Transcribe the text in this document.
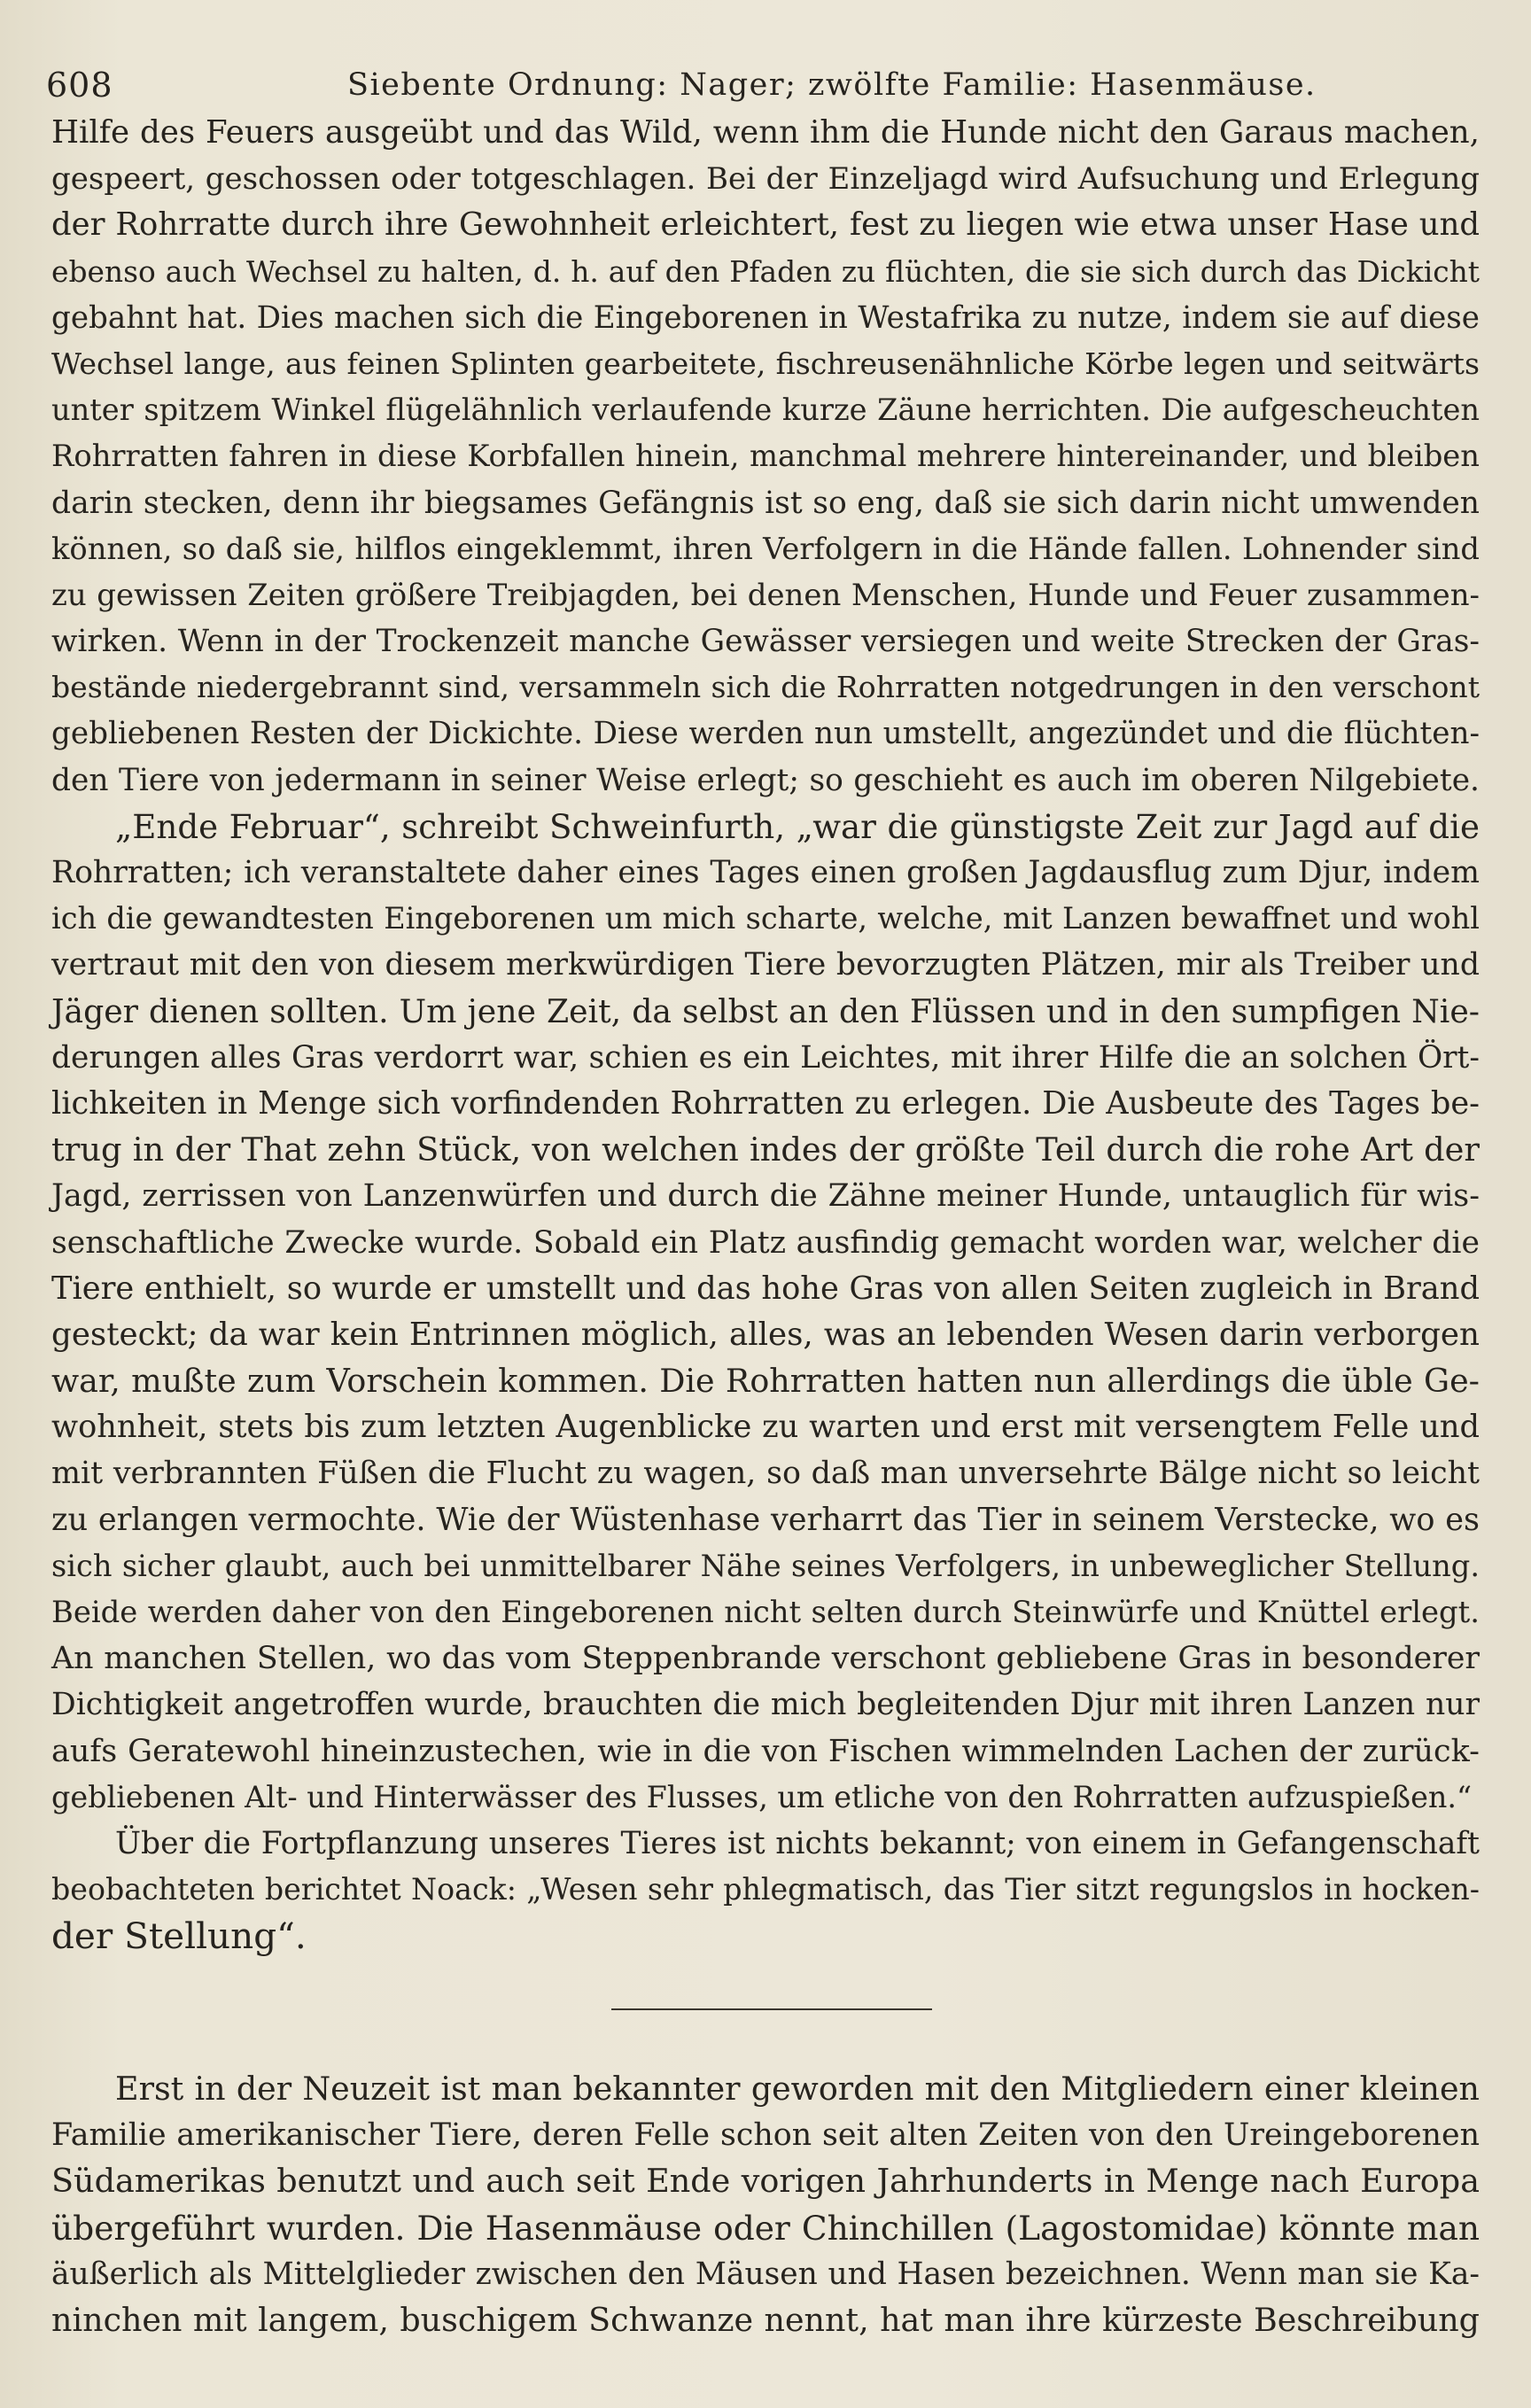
608	Siebente Ordnung: Nager; zwölfte Familie: Hasenmäuse.
Hilfe des Feuers ausgeübt und das Wild, wenn ihm die Hunde nicht den Garaus machen,
gespeert, geschossen oder totgeschlagen. Bei der Einzeljagd wird Aufsuchung und Erlegung
der Rohrratte durch ihre Gewohnheit erleichtert, fest zu liegen wie etwa unser Hase und
ebenso auch Wechsel zu halten, d. h. auf den Pfaden zu flüchten, die sie sich durch das Dickicht
gebahnt hat. Dies machen sich die Eingeborenen in Westafrika zu nutze, indem sie auf diese
Wechsel lange, aus feinen Splinten gearbeitete, fischreusenähnliche Körbe legen und seitwärts
unter spitzem Winkel flügelähnlich verlaufende kurze Zäune herrichten. Die aufgescheuchten
Rohrratten fahren in diese Korbfallen hinein, manchmal mehrere hintereinander, und bleiben
darin stecken, denn ihr biegsames Gefängnis ist so eng, daß sie sich darin nicht umwenden
können, so daß sie, hilflos eingeklemmt, ihren Verfolgern in die Hände fallen. Lohnender sind
zu gewissen Zeiten größere Treibjagden, bei denen Menschen, Hunde und Feuer zusammen-
wirken. Wenn in der Trockenzeit manche Gewässer versiegen und weite Strecken der Gras-
bestände niedergebrannt sind, versammeln sich die Rohrratten notgedrungen in den verschont
gebliebenen Resten der Dickichte. Diese werden nun umstellt, angezündet und die flüchten-
den Tiere von jedermann in seiner Weise erlegt; so geschieht es auch im oberen Nilgebiete.
„Ende Februar“, schreibt Schweinfurth, „war die günstigste Zeit zur Jagd auf die
Rohrratten; ich veranstaltete daher eines Tages einen großen Jagdausflug zum Djur, indem
ich die gewandtesten Eingeborenen um mich scharte, welche, mit Lanzen bewaffnet und wohl
vertraut mit den von diesem merkwürdigen Tiere bevorzugten Plätzen, mir als Treiber und
Jäger dienen sollten. Um jene Zeit, da selbst an den Flüssen und in den sumpfigen Nie-
derungen alles Gras verdorrt war, schien es ein Leichtes, mit ihrer Hilfe die an solchen Ört-
lichkeiten in Menge sich vorfindenden Rohrratten zu erlegen. Die Ausbeute des Tages be-
trug in der That zehn Stück, von welchen indes der größte Teil durch die rohe Art der
Jagd, zerrissen von Lanzenwürfen und durch die Zähne meiner Hunde, untauglich für wis-
senschaftliche Zwecke wurde. Sobald ein Platz ausfindig gemacht worden war, welcher die
Tiere enthielt, so wurde er umstellt und das hohe Gras von allen Seiten zugleich in Brand
gesteckt; da war kein Entrinnen möglich, alles, was an lebenden Wesen darin verborgen
war, mußte zum Vorschein kommen. Die Rohrratten hatten nun allerdings die üble Ge-
wohnheit, stets bis zum letzten Augenblicke zu warten und erst mit versengtem Felle und
mit verbrannten Füßen die Flucht zu wagen, so daß man unversehrte Bälge nicht so leicht
zu erlangen vermochte. Wie der Wüstenhase verharrt das Tier in seinem Verstecke, wo es
sich sicher glaubt, auch bei unmittelbarer Nähe seines Verfolgers, in unbeweglicher Stellung.
Beide werden daher von den Eingeborenen nicht selten durch Steinwürfe und Knüttel erlegt.
An manchen Stellen, wo das vom Steppenbrande verschont gebliebene Gras in besonderer
Dichtigkeit angetroffen wurde, brauchten die mich begleitenden Djur mit ihren Lanzen nur
aufs Geratewohl hineinzustechen, wie in die von Fischen wimmelnden Lachen der zurück-
gebliebenen Alt- und Hinterwässer des Flusses, um etliche von den Rohrratten aufzuspießen.“
Über die Fortpflanzung unseres Tieres ist nichts bekannt; von einem in Gefangenschaft
beobachteten berichtet Noack: „Wesen sehr phlegmatisch, das Tier sitzt regungslos in hocken-
der Stellung“.
Erst in der Neuzeit ist man bekannter geworden mit den Mitgliedern einer kleinen
Familie amerikanischer Tiere, deren Felle schon seit alten Zeiten von den Ureingeborenen
Südamerikas benutzt und auch seit Ende vorigen Jahrhunderts in Menge nach Europa
übergeführt wurden. Die Hasenmäuse oder Chinchillen (Lagostomidae) könnte man
äußerlich als Mittelglieder zwischen den Mäusen und Hasen bezeichnen. Wenn man sie Ka-
ninchen mit langem, buschigem Schwanze nennt, hat man ihre kürzeste Beschreibung
